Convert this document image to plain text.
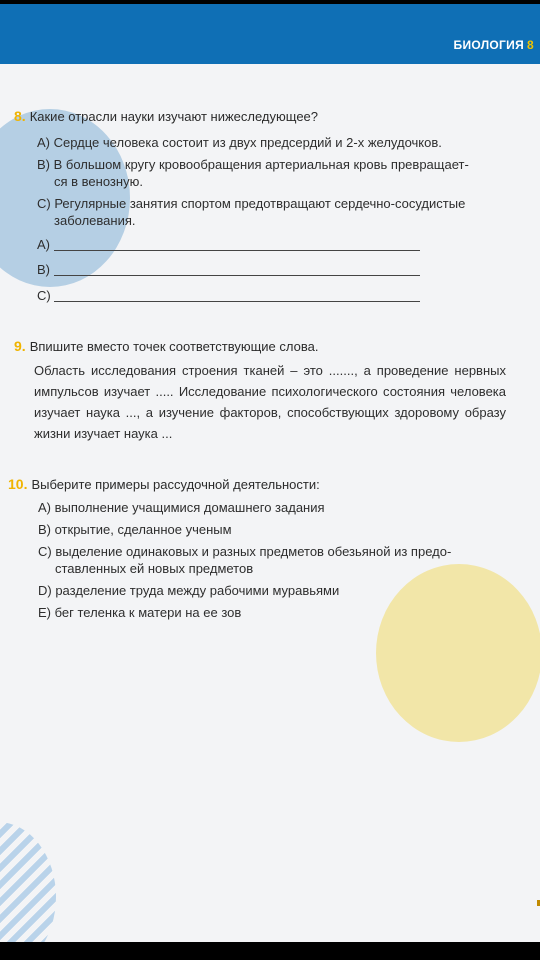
БИОЛОГИЯ 8
8. Какие отрасли науки изучают нижеследующее?
A) Сердце человека состоит из двух предсердий и 2-х желудочков.
B) В большом кругу кровообращения артериальная кровь превращает-
ся в венозную.
C) Регулярные занятия спортом предотвращают сердечно-сосудистые
заболевания.
A)
B)
C)
9. Впишите вместо точек соответствующие слова.
Область исследования строения тканей – это ......., а проведение нервных импульсов изучает ..... Исследование психологического состояния человека изучает наука ..., а изучение факторов, способствующих здоровому образу жизни изучает наука ...
10. Выберите примеры рассудочной деятельности:
A) выполнение учащимися домашнего задания
B) открытие, сделанное ученым
C) выделение одинаковых и разных предметов обезьяной из предо-
ставленных ей новых предметов
D) разделение труда между рабочими муравьями
E) бег теленка к матери на ее зов
